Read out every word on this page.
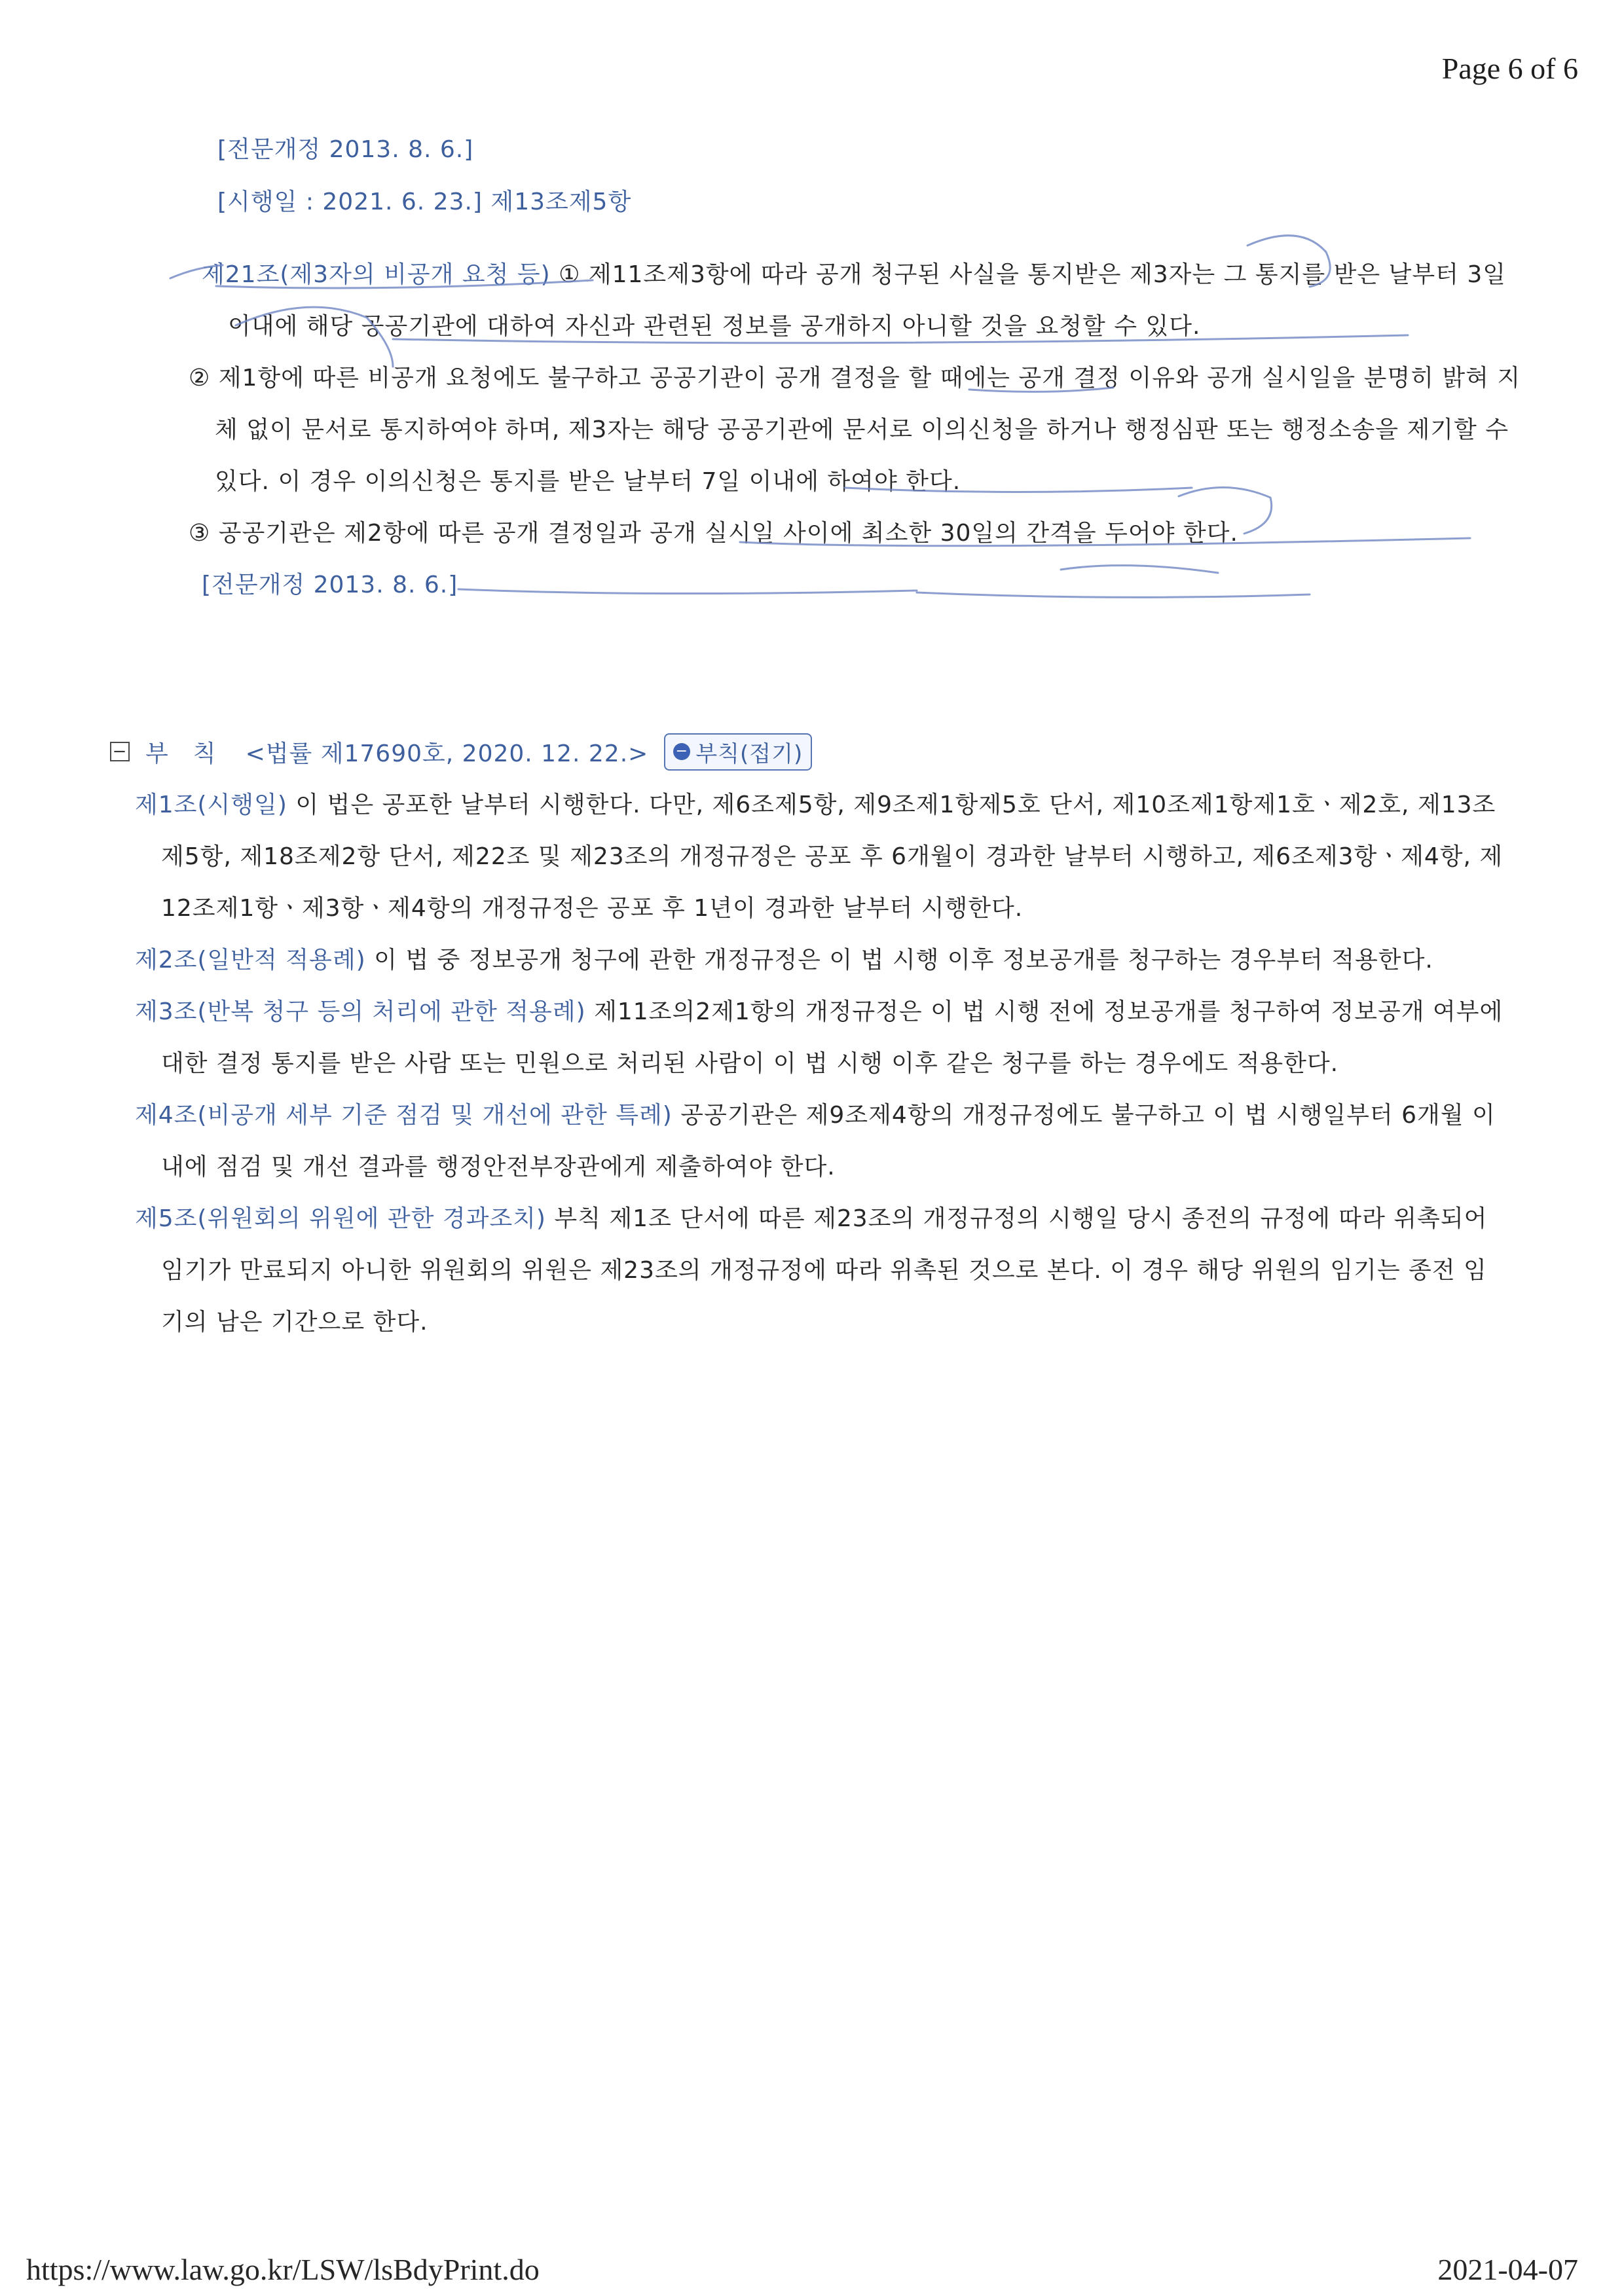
Page 6 of 6
[전문개정 2013. 8. 6.]
[시행일 : 2021. 6. 23.] 제13조제5항

제21조(제3자의 비공개 요청 등) ① 제11조제3항에 따라 공개 청구된 사실을 통지받은 제3자는 그 통지를 받은 날부터 3일 이내에 해당 공공기관에 대하여 자신과 관련된 정보를 공개하지 아니할 것을 요청할 수 있다.

② 제1항에 따른 비공개 요청에도 불구하고 공공기관이 공개 결정을 할 때에는 공개 결정 이유와 공개 실시일을 분명히 밝혀 지체 없이 문서로 통지하여야 하며, 제3자는 해당 공공기관에 문서로 이의신청을 하거나 행정심판 또는 행정소송을 제기할 수 있다. 이 경우 이의신청은 통지를 받은 날부터 7일 이내에 하여야 한다.

③ 공공기관은 제2항에 따른 공개 결정일과 공개 실시일 사이에 최소한 30일의 간격을 두어야 한다.

[전문개정 2013. 8. 6.]

− 부　칙 <법률 제17690호, 2020. 12. 22.> − 부칙(접기)

제1조(시행일) 이 법은 공포한 날부터 시행한다. 다만, 제6조제5항, 제9조제1항제5호 단서, 제10조제1항제1호ㆍ제2호, 제13조제5항, 제18조제2항 단서, 제22조 및 제23조의 개정규정은 공포 후 6개월이 경과한 날부터 시행하고, 제6조제3항ㆍ제4항, 제12조제1항ㆍ제3항ㆍ제4항의 개정규정은 공포 후 1년이 경과한 날부터 시행한다.

제2조(일반적 적용례) 이 법 중 정보공개 청구에 관한 개정규정은 이 법 시행 이후 정보공개를 청구하는 경우부터 적용한다.

제3조(반복 청구 등의 처리에 관한 적용례) 제11조의2제1항의 개정규정은 이 법 시행 전에 정보공개를 청구하여 정보공개 여부에 대한 결정 통지를 받은 사람 또는 민원으로 처리된 사람이 이 법 시행 이후 같은 청구를 하는 경우에도 적용한다.

제4조(비공개 세부 기준 점검 및 개선에 관한 특례) 공공기관은 제9조제4항의 개정규정에도 불구하고 이 법 시행일부터 6개월 이내에 점검 및 개선 결과를 행정안전부장관에게 제출하여야 한다.

제5조(위원회의 위원에 관한 경과조치) 부칙 제1조 단서에 따른 제23조의 개정규정의 시행일 당시 종전의 규정에 따라 위촉되어 임기가 만료되지 아니한 위원회의 위원은 제23조의 개정규정에 따라 위촉된 것으로 본다. 이 경우 해당 위원의 임기는 종전 임기의 남은 기간으로 한다.

https://www.law.go.kr/LSW/lsBdyPrint.do	2021-04-07
